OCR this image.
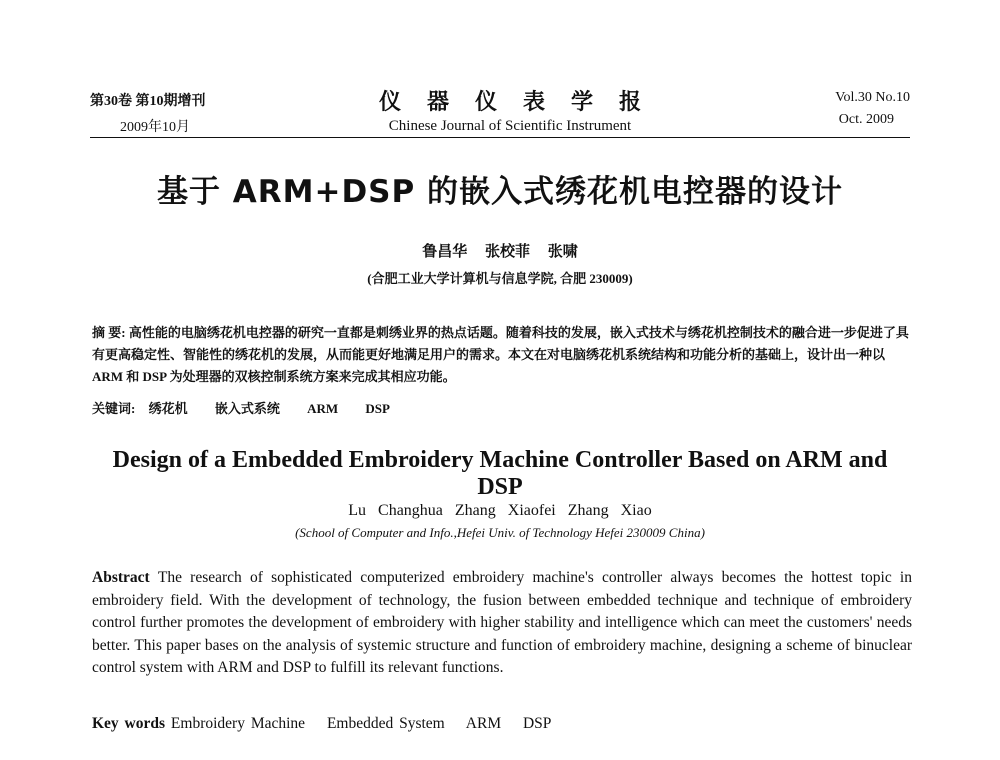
第30卷 第10期增刊
2009年10月
仪器仪表学报
Chinese Journal of Scientific Instrument
Vol.30 No.10
Oct. 2009
基于 ARM+DSP 的嵌入式绣花机电控器的设计
鲁昌华 张校菲 张啸
(合肥工业大学计算机与信息学院, 合肥 230009)
摘 要: 高性能的电脑绣花机电控器的研究一直都是刺绣业界的热点话题。随着科技的发展，嵌入式技术与绣花机控制技术的融合进一步促进了具有更高稳定性、智能性的绣花机的发展，从而能更好地满足用户的需求。本文在对电脑绣花机系统结构和功能分析的基础上，设计出一种以 ARM 和 DSP 为处理器的双核控制系统方案来完成其相应功能。
关键词: 绣花机 嵌入式系统 ARM DSP
Design of a Embedded Embroidery Machine Controller Based on ARM and DSP
Lu Changhua Zhang Xiaofei Zhang Xiao
(School of Computer and Info.,Hefei Univ. of Technology Hefei 230009 China)
Abstract The research of sophisticated computerized embroidery machine's controller always becomes the hottest topic in embroidery field. With the development of technology, the fusion between embedded technique and technique of embroidery control further promotes the development of embroidery with higher stability and intelligence which can meet the customers' needs better. This paper bases on the analysis of systemic structure and function of embroidery machine, designing a scheme of binuclear control system with ARM and DSP to fulfill its relevant functions.
Key words Embroidery Machine Embedded System ARM DSP
